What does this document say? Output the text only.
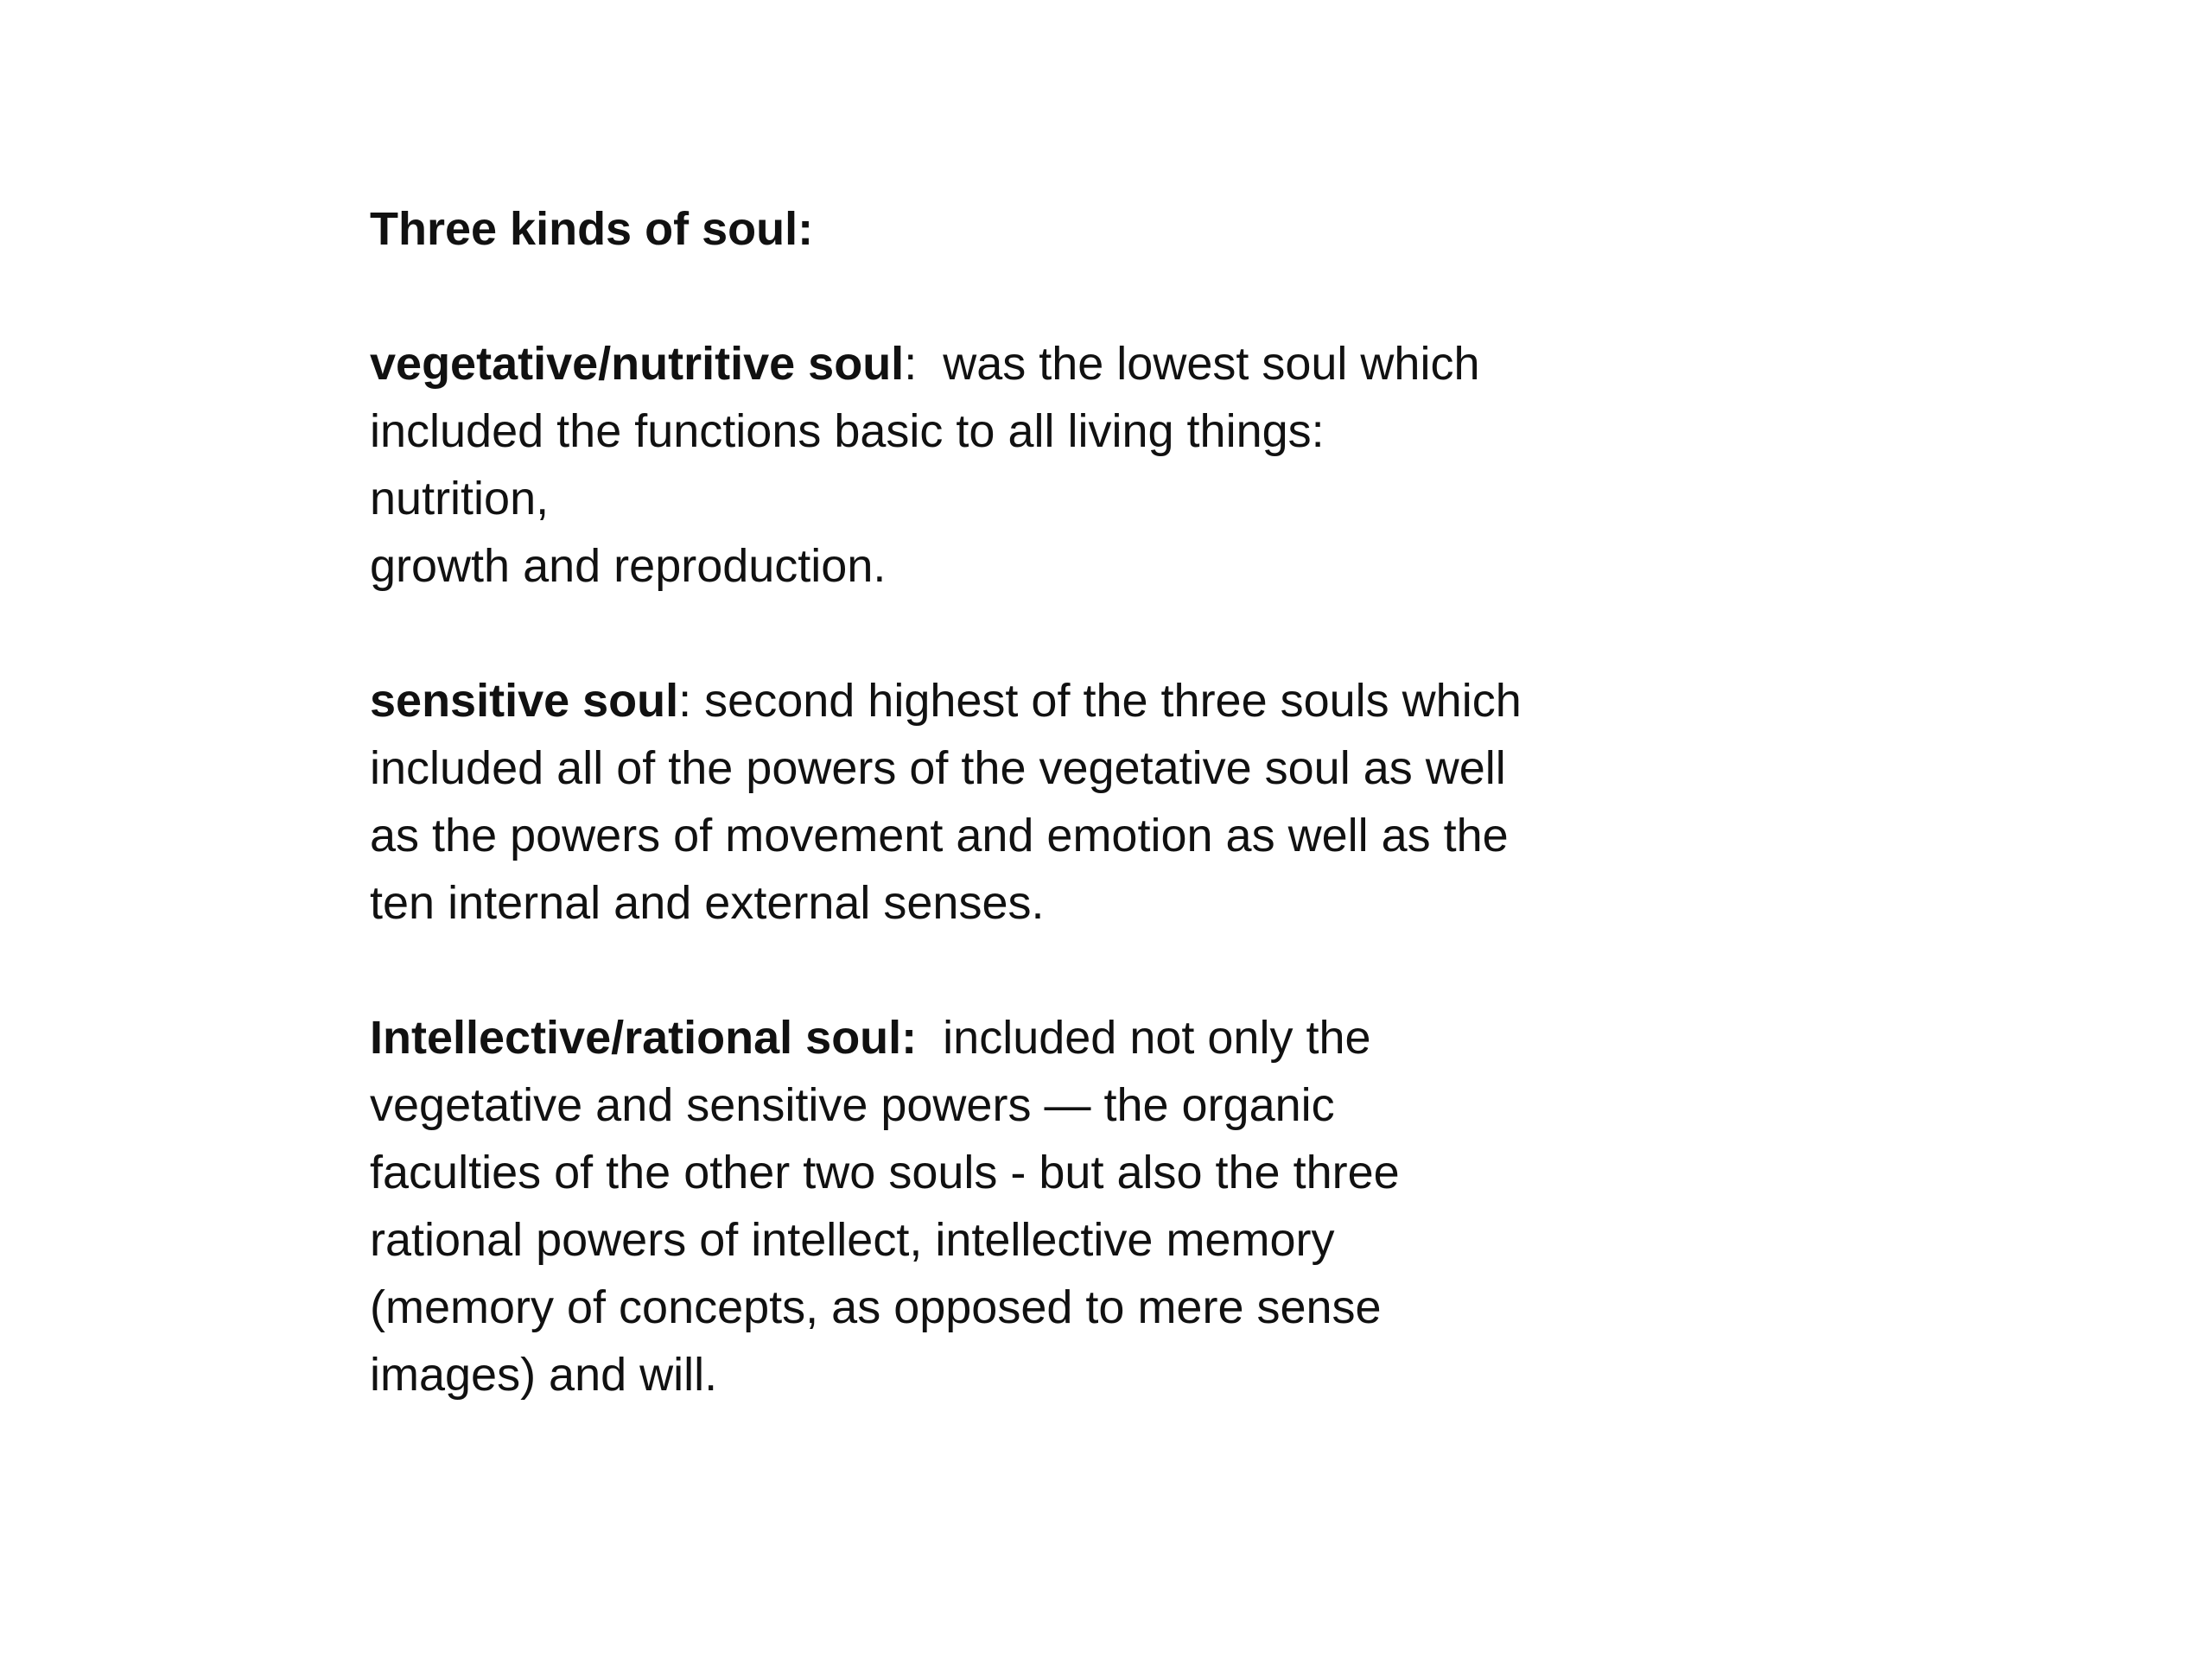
Three kinds of soul:
vegetative/nutritive soul:  was the lowest soul which
included the functions basic to all living things:
nutrition,
growth and reproduction.
sensitive soul: second highest of the three souls which
included all of the powers of the vegetative soul as well
as the powers of movement and emotion as well as the
ten internal and external senses.
Intellective/rational soul:  included not only the
vegetative and sensitive powers — the organic
faculties of the other two souls - but also the three
rational powers of intellect, intellective memory
(memory of concepts, as opposed to mere sense
images) and will.
